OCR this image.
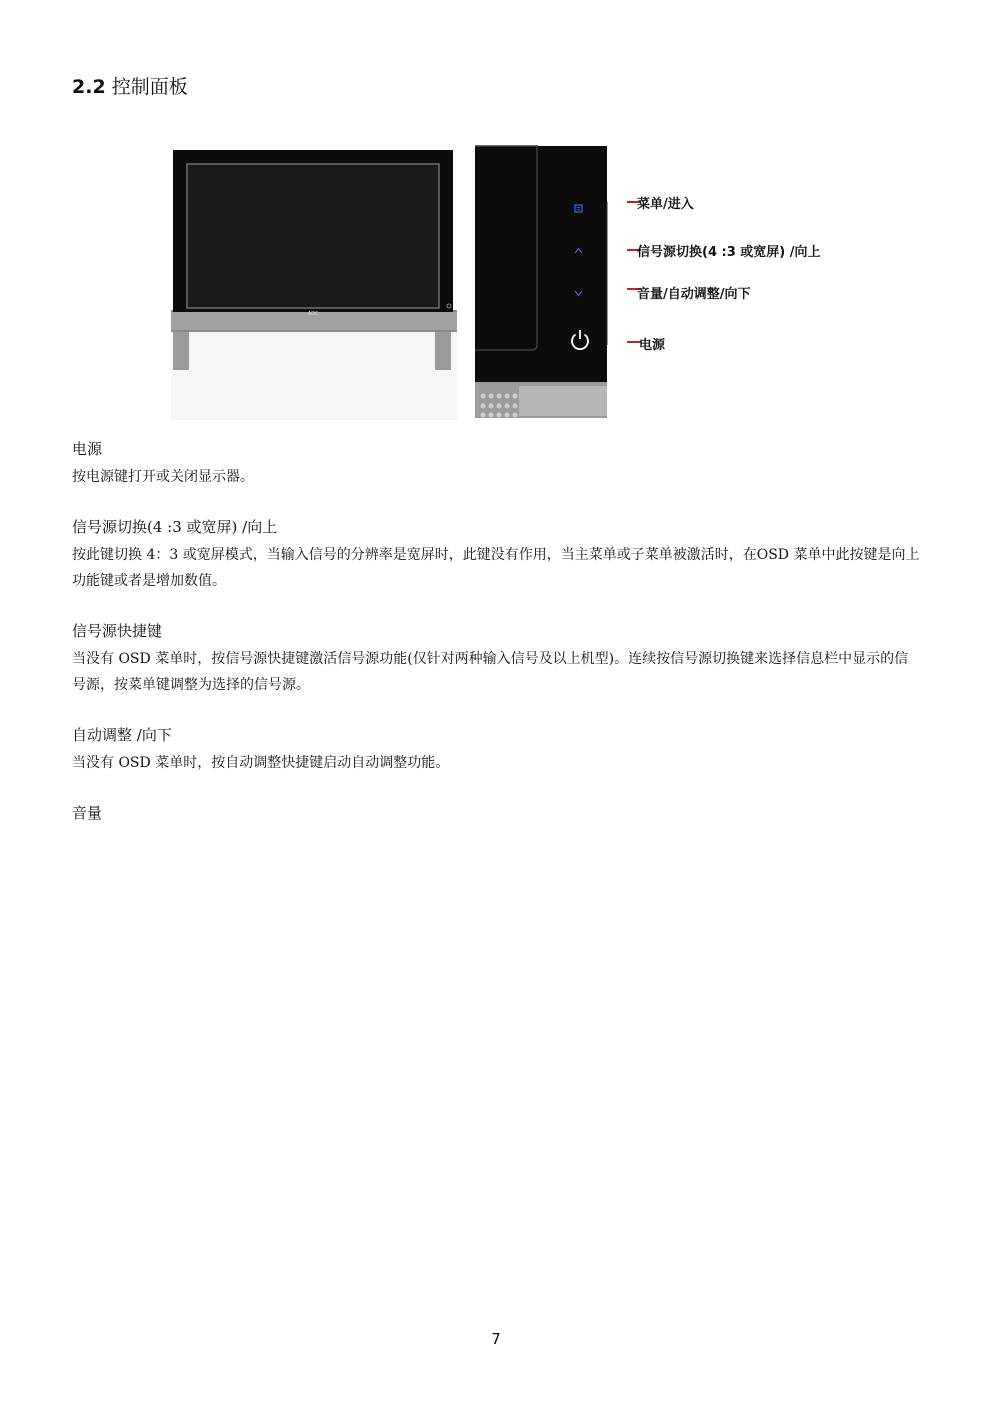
2.2 控制面板
AOC
菜单/进入
信号源切换(4 :3 或宽屏) /向上
音量/自动调整/向下
电源
电源
按电源键打开或关闭显示器。
信号源切换(4 :3 或宽屏) /向上
按此键切换 4：3 或宽屏模式，当输入信号的分辨率是宽屏时，此键没有作用，当主菜单或子菜单被激活时，在OSD 菜单中此按键是向上功能键或者是增加数值。
信号源快捷键
当没有 OSD 菜单时，按信号源快捷键激活信号源功能(仅针对两种输入信号及以上机型)。连续按信号源切换键来选择信息栏中显示的信号源，按菜单键调整为选择的信号源。
自动调整 /向下
当没有 OSD 菜单时，按自动调整快捷键启动自动调整功能。
音量
7
